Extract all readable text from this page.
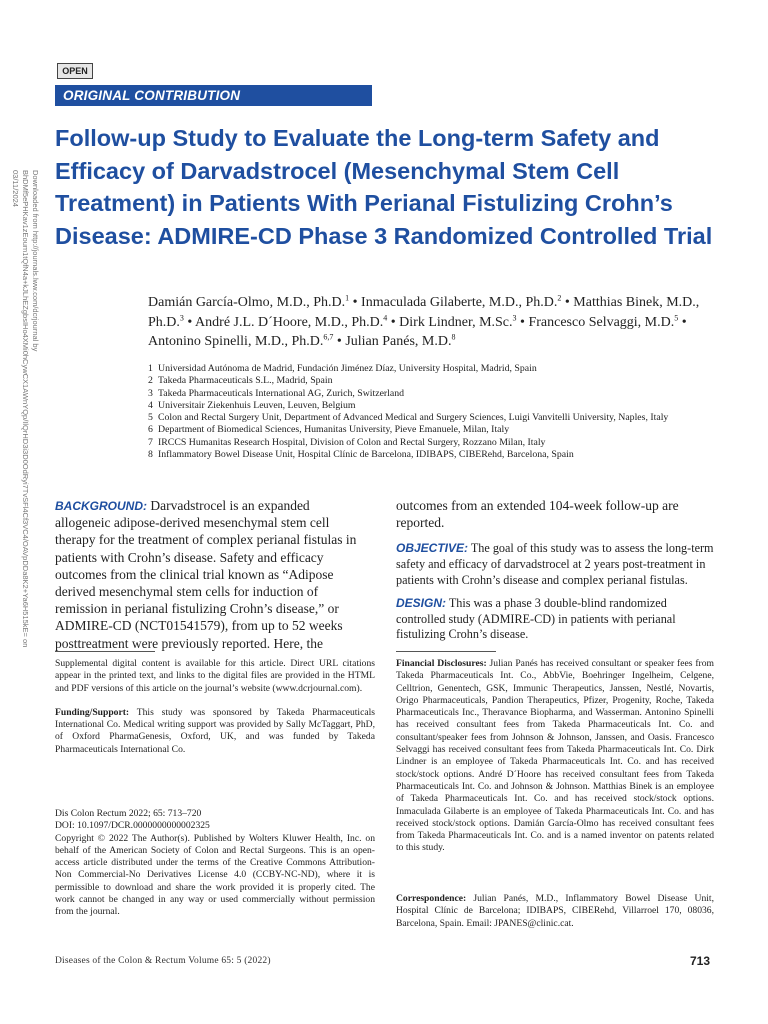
OPEN
ORIGINAL CONTRIBUTION
Follow-up Study to Evaluate the Long-term Safety and Efficacy of Darvadstrocel (Mesenchymal Stem Cell Treatment) in Patients With Perianal Fistulizing Crohn’s Disease: ADMIRE-CD Phase 3 Randomized Controlled Trial
Downloaded from http://journals.lww.com/dcrjournal by BhDMf5ePHKav1zEoum1tQfN4a+kJLhEZgbsIHo4XMi0hCywCX1AWnYQp/IlQrHD3i3D0OdRyi7TvSFl4Cf3VC4/OAVpDDa8K2+Ya6H515kE= on 03/11/2024
Damián García-Olmo, M.D., Ph.D.$^1$ • Inmaculada Gilaberte, M.D., Ph.D.$^2$ • Matthias Binek, M.D., Ph.D.$^3$ • André J.L. D´Hoore, M.D., Ph.D.$^4$ • Dirk Lindner, M.Sc.$^3$ • Francesco Selvaggi, M.D.$^5$ • Antonino Spinelli, M.D., Ph.D.$^{6,7}$ • Julian Panés, M.D.$^8$
1 Universidad Autónoma de Madrid, Fundación Jiménez Díaz, University Hospital, Madrid, Spain
2 Takeda Pharmaceuticals S.L., Madrid, Spain
3 Takeda Pharmaceuticals International AG, Zurich, Switzerland
4 Universitair Ziekenhuis Leuven, Leuven, Belgium
5 Colon and Rectal Surgery Unit, Department of Advanced Medical and Surgery Sciences, Luigi Vanvitelli University, Naples, Italy
6 Department of Biomedical Sciences, Humanitas University, Pieve Emanuele, Milan, Italy
7 IRCCS Humanitas Research Hospital, Division of Colon and Rectal Surgery, Rozzano Milan, Italy
8 Inflammatory Bowel Disease Unit, Hospital Clínic de Barcelona, IDIBAPS, CIBERehd, Barcelona, Spain

BACKGROUND: Darvadstrocel is an expanded allogeneic adipose-derived mesenchymal stem cell therapy for the treatment of complex perianal fistulas in patients with Crohn’s disease. Safety and efficacy outcomes from the clinical trial known as “Adipose derived mesenchymal stem cells for induction of remission in perianal fistulizing Crohn’s disease,” or ADMIRE-CD (NCT01541579), from up to 52 weeks posttreatment were previously reported. Here, the

outcomes from an extended 104-week follow-up are reported.

OBJECTIVE: The goal of this study was to assess the long-term safety and efficacy of darvadstrocel at 2 years post-treatment in patients with Crohn’s disease and complex perianal fistulas.

DESIGN: This was a phase 3 double-blind randomized controlled study (ADMIRE-CD) in patients with perianal fistulizing Crohn’s disease.

Supplemental digital content is available for this article. Direct URL citations appear in the printed text, and links to the digital files are provided in the HTML and PDF versions of this article on the journal’s website (www.dcrjournal.com).

Funding/Support: This study was sponsored by Takeda Pharmaceuticals International Co. Medical writing support was provided by Sally McTaggart, PhD, of Oxford PharmaGenesis, Oxford, UK, and was funded by Takeda Pharmaceuticals International Co.

Dis Colon Rectum 2022; 65: 713–720

DOI: 10.1097/DCR.0000000000002325

Copyright © 2022 The Author(s). Published by Wolters Kluwer Health, Inc. on behalf of the American Society of Colon and Rectal Surgeons. This is an open-access article distributed under the terms of the Creative Commons Attribution-Non Commercial-No Derivatives License 4.0 (CCBY-NC-ND), where it is permissible to download and share the work provided it is properly cited. The work cannot be changed in any way or used commercially without permission from the journal.

Financial Disclosures: Julian Panés has received consultant or speaker fees from Takeda Pharmaceuticals Int. Co., AbbVie, Boehringer Ingelheim, Celgene, Celltrion, Genentech, GSK, Immunic Therapeutics, Janssen, Nestlé, Novartis, Origo Pharmaceuticals, Pandion Therapeutics, Pfizer, Progenity, Roche, Takeda Pharmaceuticals Inc., Theravance Biopharma, and Wasserman. Antonino Spinelli has received consultant fees from Takeda Pharmaceuticals Int. Co. and consultant/speaker fees from Johnson & Johnson, Janssen, and Oasis. Francesco Selvaggi has received consultant fees from Takeda Pharmaceuticals Int. Co. Dirk Lindner is an employee of Takeda Pharmaceuticals Int. Co. and has received stock/stock options. André D´Hoore has received consultant fees from Takeda Pharmaceuticals Int. Co. and Johnson & Johnson. Matthias Binek is an employee of Takeda Pharmaceuticals Int. Co. and has received stock/stock options. Inmaculada Gilaberte is an employee of Takeda Pharmaceuticals Int. Co. and has received stock/stock options. Damián García-Olmo has received consultant fees from Takeda Pharmaceuticals Int. Co. and is a named inventor on patents related to this study.

Correspondence: Julian Panés, M.D., Inflammatory Bowel Disease Unit, Hospital Clínic de Barcelona; IDIBAPS, CIBERehd, Villarroel 170, 08036, Barcelona, Spain. Email: JPANES@clinic.cat.

Diseases of the Colon & Rectum Volume 65: 5 (2022)	713
